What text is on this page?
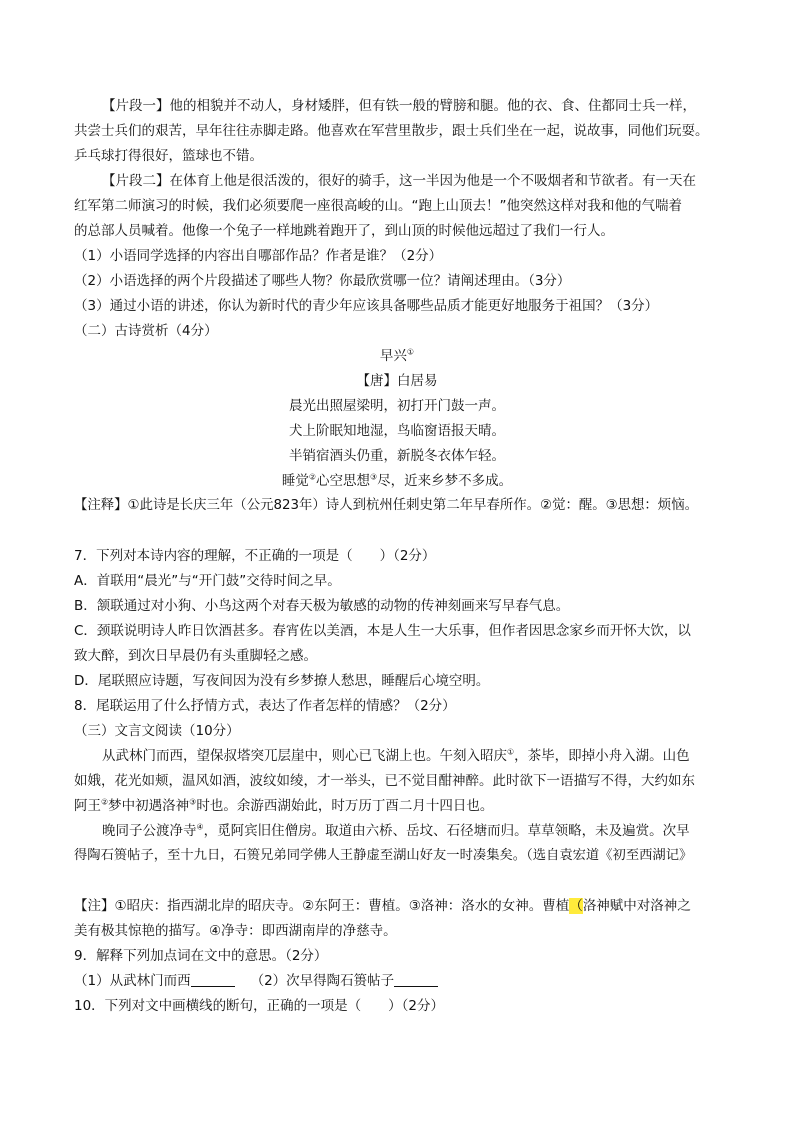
【片段一】他的相貌并不动人，身材矮胖，但有铁一般的臂膀和腿。他的衣、食、住都同士兵一样，
共尝士兵们的艰苦，早年往往赤脚走路。他喜欢在军营里散步，跟士兵们坐在一起，说故事，同他们玩耍。
乒乓球打得很好，篮球也不错。
【片段二】在体育上他是很活泼的，很好的骑手，这一半因为他是一个不吸烟者和节欲者。有一天在
红军第二师演习的时候，我们必须要爬一座很高峻的山。“跑上山顶去！”他突然这样对我和他的气喘着
的总部人员喊着。他像一个兔子一样地跳着跑开了，到山顶的时候他远超过了我们一行人。
（1）小语同学选择的内容出自哪部作品？作者是谁？（2分）
（2）小语选择的两个片段描述了哪些人物？你最欣赏哪一位？请阐述理由。（3分）
（3）通过小语的讲述，你认为新时代的青少年应该具备哪些品质才能更好地服务于祖国？（3分）
（二）古诗赏析（4分）
早兴①
【唐】白居易
晨光出照屋梁明，初打开门鼓一声。
犬上阶眠知地湿，鸟临窗语报天晴。
半销宿酒头仍重，新脱冬衣体乍轻。
睡觉②心空思想③尽，近来乡梦不多成。
【注释】①此诗是长庆三年（公元823年）诗人到杭州任刺史第二年早春所作。②觉：醒。③思想：烦恼。
7．下列对本诗内容的理解，不正确的一项是（　　）（2分）
A．首联用“晨光”与“开门鼓”交待时间之早。
B．颔联通过对小狗、小鸟这两个对春天极为敏感的动物的传神刻画来写早春气息。
C．颈联说明诗人昨日饮酒甚多。春宵佐以美酒，本是人生一大乐事，但作者因思念家乡而开怀大饮，以
致大醉，到次日早晨仍有头重脚轻之感。
D．尾联照应诗题，写夜间因为没有乡梦撩人愁思，睡醒后心境空明。
8．尾联运用了什么抒情方式，表达了作者怎样的情感？（2分）
（三）文言文阅读（10分）
从武林门而西，望保叔塔突兀层崖中，则心已飞湖上也。午刻入昭庆①，茶毕，即掉小舟入湖。山色
如娥，花光如颊，温风如酒，波纹如绫，才一举头，已不觉目酣神醉。此时欲下一语描写不得，大约如东
阿王②梦中初遇洛神③时也。余游西湖始此，时万历丁酉二月十四日也。
晚同子公渡净寺④，觅阿宾旧住僧房。取道由六桥、岳坟、石径塘而归。草草领略，未及遍赏。次早
得陶石篑帖子，至十九日，石篑兄弟同学佛人王静虚至湖山好友一时凑集矣。（选自袁宏道《初至西湖记》
【注】①昭庆：指西湖北岸的昭庆寺。②东阿王：曹植。③洛神：洛水的女神。曹植（洛神赋中对洛神之
美有极其惊艳的描写。④净寺：即西湖南岸的净慈寺。
9．解释下列加点词在文中的意思。（2分）
（1）从武林门而西	（2）次早得陶石篑帖子
10．下列对文中画横线的断句，正确的一项是（　　）（2分）
